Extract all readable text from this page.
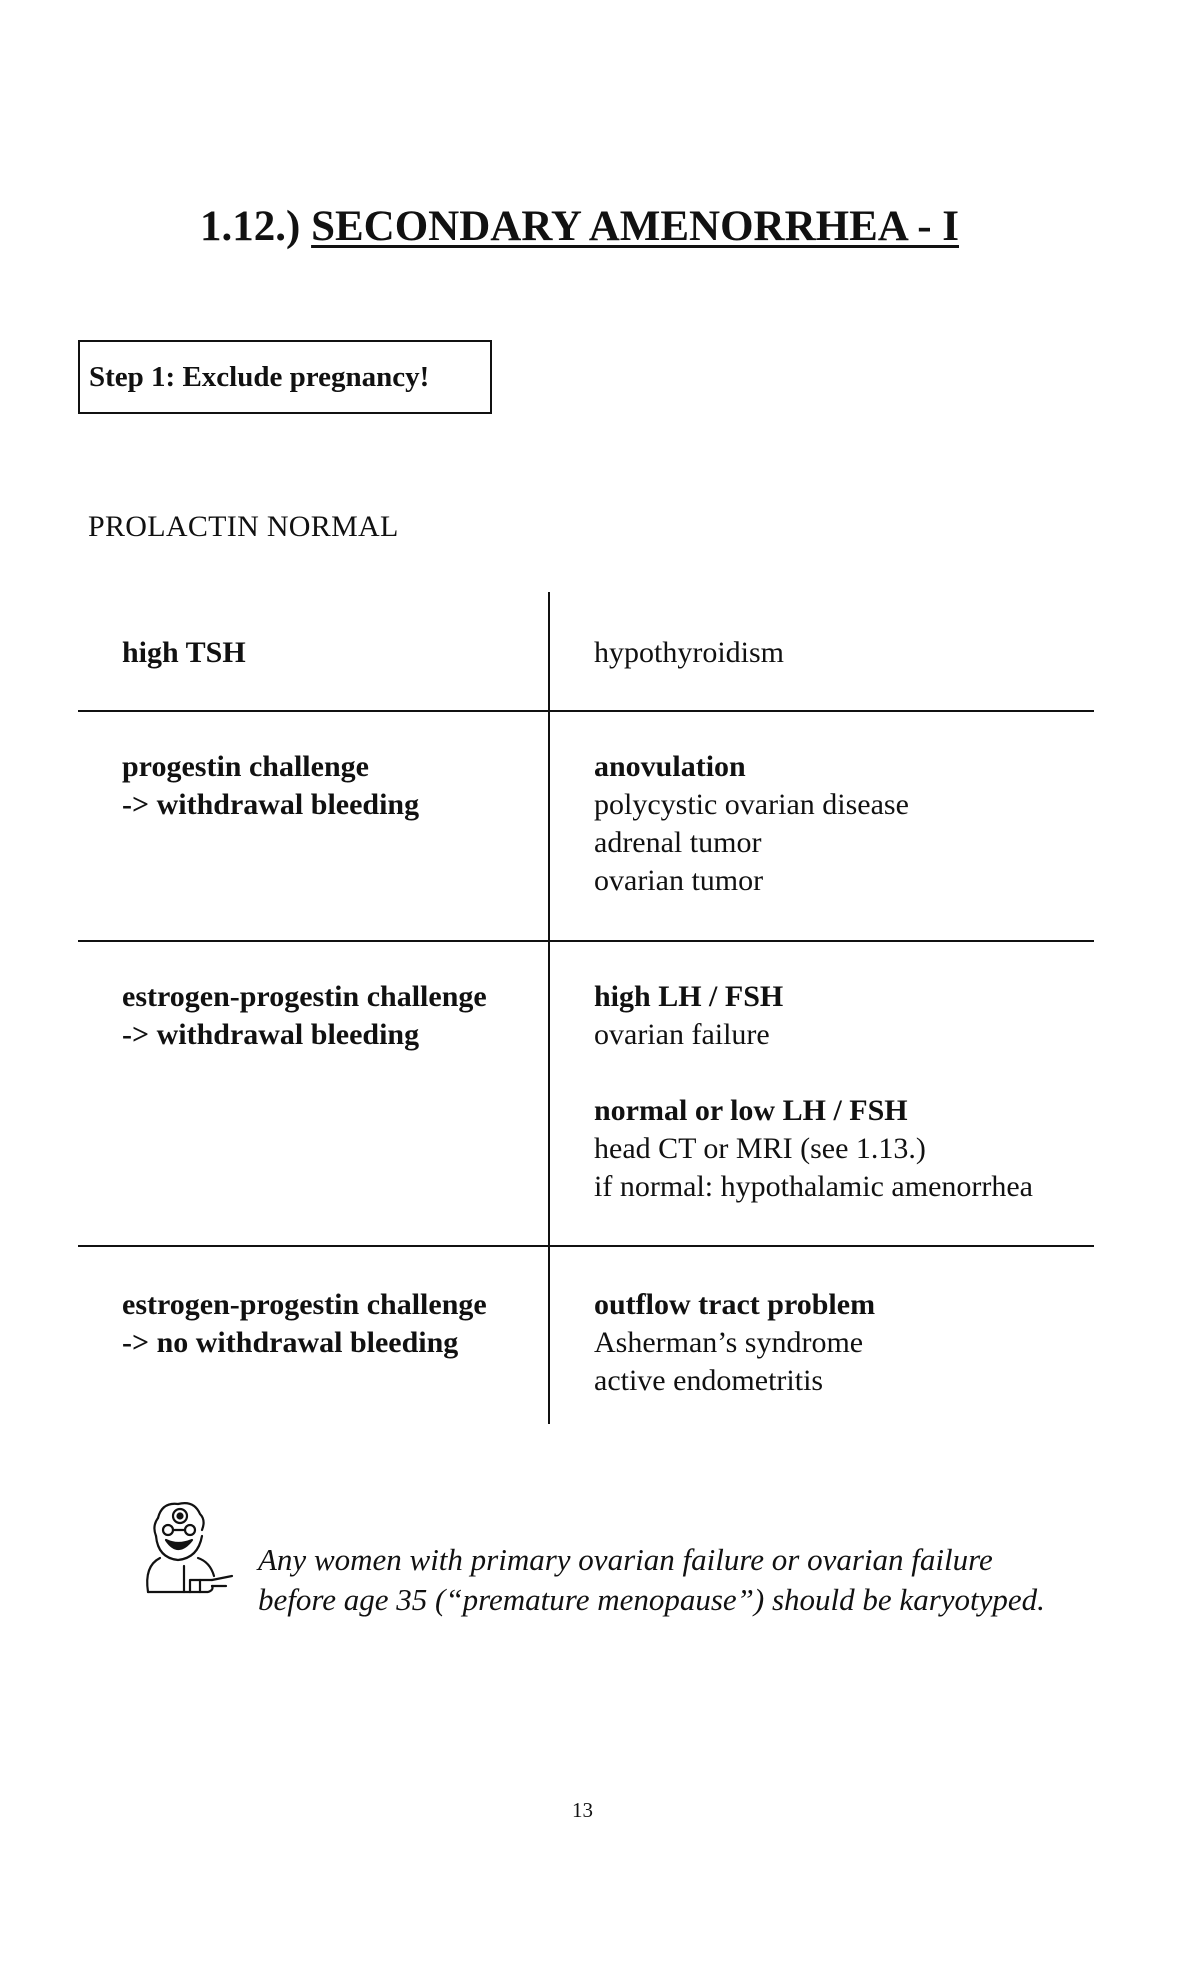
1.12.) SECONDARY AMENORRHEA - I
Step 1: Exclude pregnancy!
PROLACTIN NORMAL
high TSH	hypothyroidism
progestin challenge
-> withdrawal bleeding
anovulation
polycystic ovarian disease
adrenal tumor
ovarian tumor
estrogen-progestin challenge
-> withdrawal bleeding
high LH / FSH
ovarian failure
normal or low LH / FSH
head CT or MRI (see 1.13.)
if normal: hypothalamic amenorrhea
estrogen-progestin challenge
-> no withdrawal bleeding
outflow tract problem
Asherman’s syndrome
active endometritis
Any women with primary ovarian failure or ovarian failure
before age 35 (“premature menopause”) should be karyotyped.
13
